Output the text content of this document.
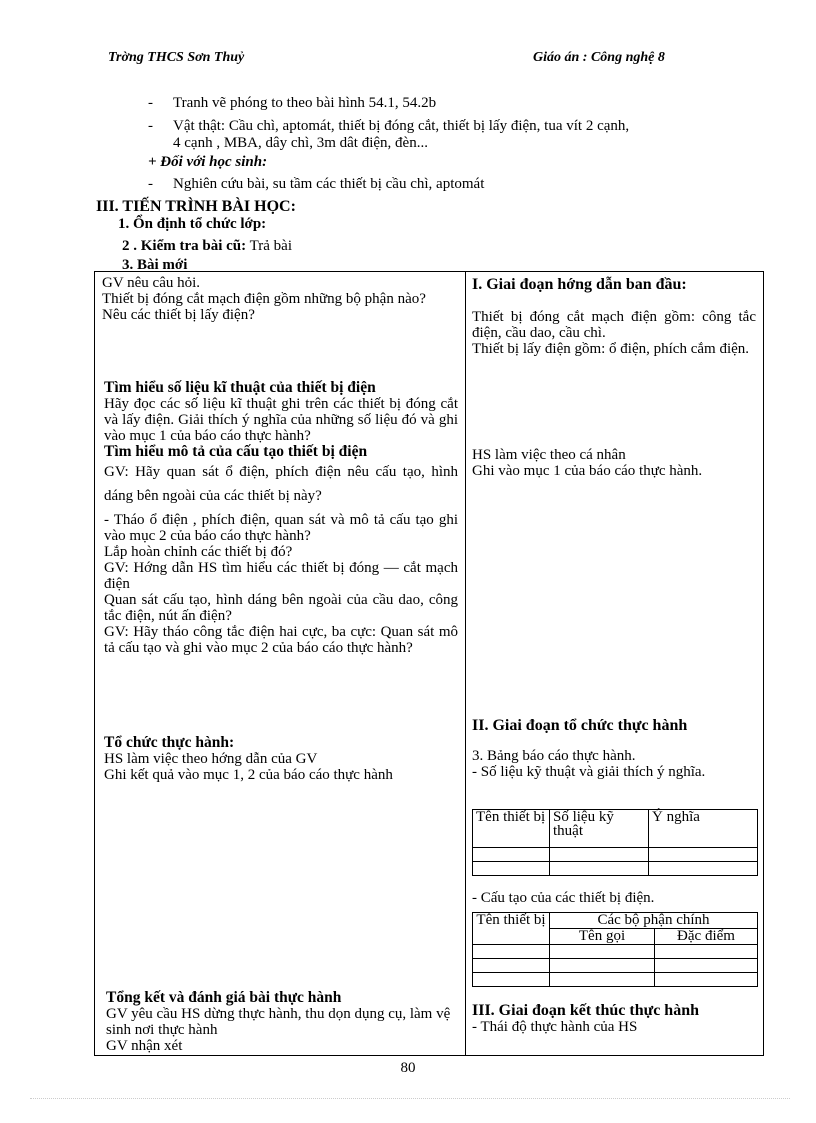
Trờng THCS Sơn Thuỷ	Giáo án : Công nghệ 8
- Tranh vẽ phóng to theo bài hình 54.1, 54.2b
- Vật thật: Cầu chì, aptomát, thiết bị đóng cắt, thiết bị lấy điện, tua vít 2 cạnh,
4 cạnh , MBA, dây chì, 3m dât điện, đèn...
+ Đối với học sinh:
- Nghiên cứu bài, su tầm các thiết bị cầu chì, aptomát
III. TIẾN TRÌNH BÀI HỌC:
1. Ổn định tổ chức lớp:
2 . Kiểm tra bài cũ: Trả bài
3. Bài mới

GV nêu câu hỏi.

Thiết bị đóng cắt mạch điện gồm những bộ phận nào?

Nêu các thiết bị lấy điện?

Tìm hiểu số liệu kĩ thuật của thiết bị điện

Hãy đọc các số liệu kĩ thuật ghi trên các thiết bị đóng cắt và lấy điện. Giải thích ý nghĩa của những số liệu đó và ghi vào mục 1 của báo cáo thực hành?

Tìm hiểu mô tả của cấu tạo thiết bị điện

GV: Hãy quan sát ổ điện, phích điện nêu cấu tạo, hình dáng bên ngoài của các thiết bị này?

- Tháo ổ điện , phích điện, quan sát và mô tả cấu tạo ghi vào mục 2 của báo cáo thực hành?

Lắp hoàn chỉnh các thiết bị đó?

GV: Hớng dẫn HS tìm hiểu các thiết bị đóng — cắt mạch điện

Quan sát cấu tạo, hình dáng bên ngoài của cầu dao, công tắc điện, nút ấn điện?

GV: Hãy tháo công tắc điện hai cực, ba cực: Quan sát mô tả cấu tạo và ghi vào mục 2 của báo cáo thực hành?

Tổ chức thực hành:

HS làm việc theo hớng dẫn của GV

Ghi kết quả vào mục 1, 2 của báo cáo thực hành

Tổng kết và đánh giá bài thực hành

GV yêu cầu HS dừng thực hành, thu dọn dụng cụ, làm vệ sinh nơi thực hành

GV nhận xét

I. Giai đoạn hớng dẫn ban đầu:

Thiết bị đóng cắt mạch điện gồm: công tắc điện, cầu dao, cầu chì.

Thiết bị lấy điện gồm: ổ điện, phích cắm điện.

HS làm việc theo cá nhân

Ghi vào mục 1 của báo cáo thực hành.

II. Giai đoạn tổ chức thực hành

3. Bảng báo cáo thực hành.

- Số liệu kỹ thuật và giải thích ý nghĩa.

Tên thiết bị	Số liệu kỹ thuật	Ý nghĩa

- Cấu tạo của các thiết bị điện.

Tên thiết bị	Các bộ phận chính	
	Tên gọi	Đặc điểm

III. Giai đoạn kết thúc thực hành

- Thái độ thực hành của HS

80
